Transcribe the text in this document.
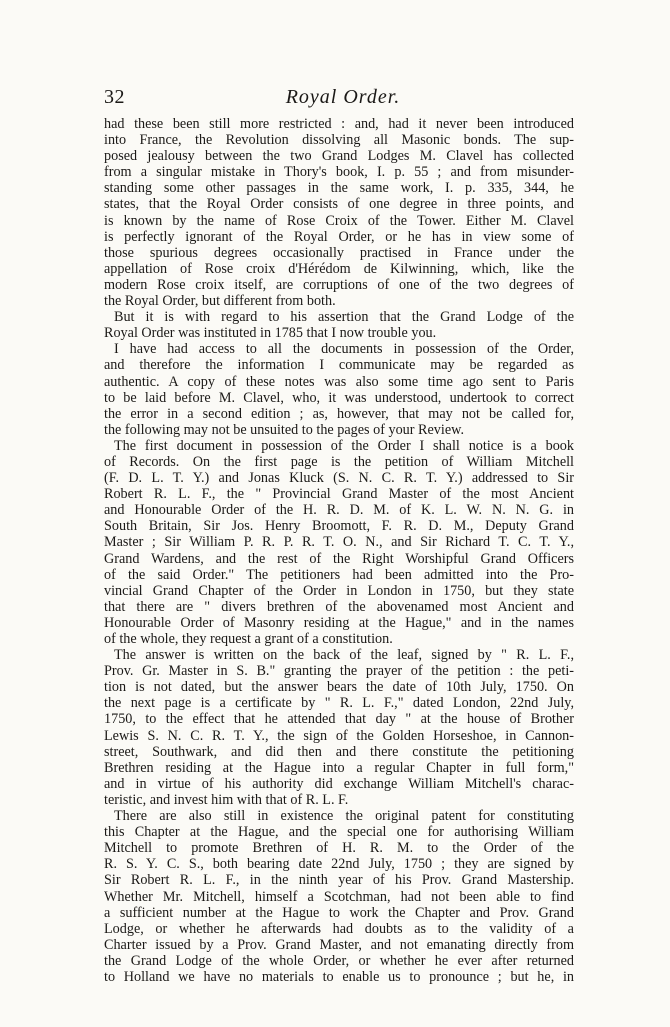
32	Royal Order.
had these been still more restricted : and, had it never been introduced
into France, the Revolution dissolving all Masonic bonds. The sup-
posed jealousy between the two Grand Lodges M. Clavel has collected
from a singular mistake in Thory's book, I. p. 55 ; and from misunder-
standing some other passages in the same work, I. p. 335, 344, he
states, that the Royal Order consists of one degree in three points, and
is known by the name of Rose Croix of the Tower. Either M. Clavel
is perfectly ignorant of the Royal Order, or he has in view some of
those spurious degrees occasionally practised in France under the
appellation of Rose croix d'Hérédom de Kilwinning, which, like the
modern Rose croix itself, are corruptions of one of the two degrees of
the Royal Order, but different from both.
But it is with regard to his assertion that the Grand Lodge of the
Royal Order was instituted in 1785 that I now trouble you.
I have had access to all the documents in possession of the Order,
and therefore the information I communicate may be regarded as
authentic. A copy of these notes was also some time ago sent to Paris
to be laid before M. Clavel, who, it was understood, undertook to correct
the error in a second edition ; as, however, that may not be called for,
the following may not be unsuited to the pages of your Review.
The first document in possession of the Order I shall notice is a book
of Records. On the first page is the petition of William Mitchell
(F. D. L. T. Y.) and Jonas Kluck (S. N. C. R. T. Y.) addressed to Sir
Robert R. L. F., the " Provincial Grand Master of the most Ancient
and Honourable Order of the H. R. D. M. of K. L. W. N. N. G. in
South Britain, Sir Jos. Henry Broomott, F. R. D. M., Deputy Grand
Master ; Sir William P. R. P. R. T. O. N., and Sir Richard T. C. T. Y.,
Grand Wardens, and the rest of the Right Worshipful Grand Officers
of the said Order." The petitioners had been admitted into the Pro-
vincial Grand Chapter of the Order in London in 1750, but they state
that there are " divers brethren of the abovenamed most Ancient and
Honourable Order of Masonry residing at the Hague," and in the names
of the whole, they request a grant of a constitution.
The answer is written on the back of the leaf, signed by " R. L. F.,
Prov. Gr. Master in S. B." granting the prayer of the petition : the peti-
tion is not dated, but the answer bears the date of 10th July, 1750. On
the next page is a certificate by " R. L. F.," dated London, 22nd July,
1750, to the effect that he attended that day " at the house of Brother
Lewis S. N. C. R. T. Y., the sign of the Golden Horseshoe, in Cannon-
street, Southwark, and did then and there constitute the petitioning
Brethren residing at the Hague into a regular Chapter in full form,"
and in virtue of his authority did exchange William Mitchell's charac-
teristic, and invest him with that of R. L. F.
There are also still in existence the original patent for constituting
this Chapter at the Hague, and the special one for authorising William
Mitchell to promote Brethren of H. R. M. to the Order of the
R. S. Y. C. S., both bearing date 22nd July, 1750 ; they are signed by
Sir Robert R. L. F., in the ninth year of his Prov. Grand Mastership.
Whether Mr. Mitchell, himself a Scotchman, had not been able to find
a sufficient number at the Hague to work the Chapter and Prov. Grand
Lodge, or whether he afterwards had doubts as to the validity of a
Charter issued by a Prov. Grand Master, and not emanating directly from
the Grand Lodge of the whole Order, or whether he ever after returned
to Holland we have no materials to enable us to pronounce ; but he, in
